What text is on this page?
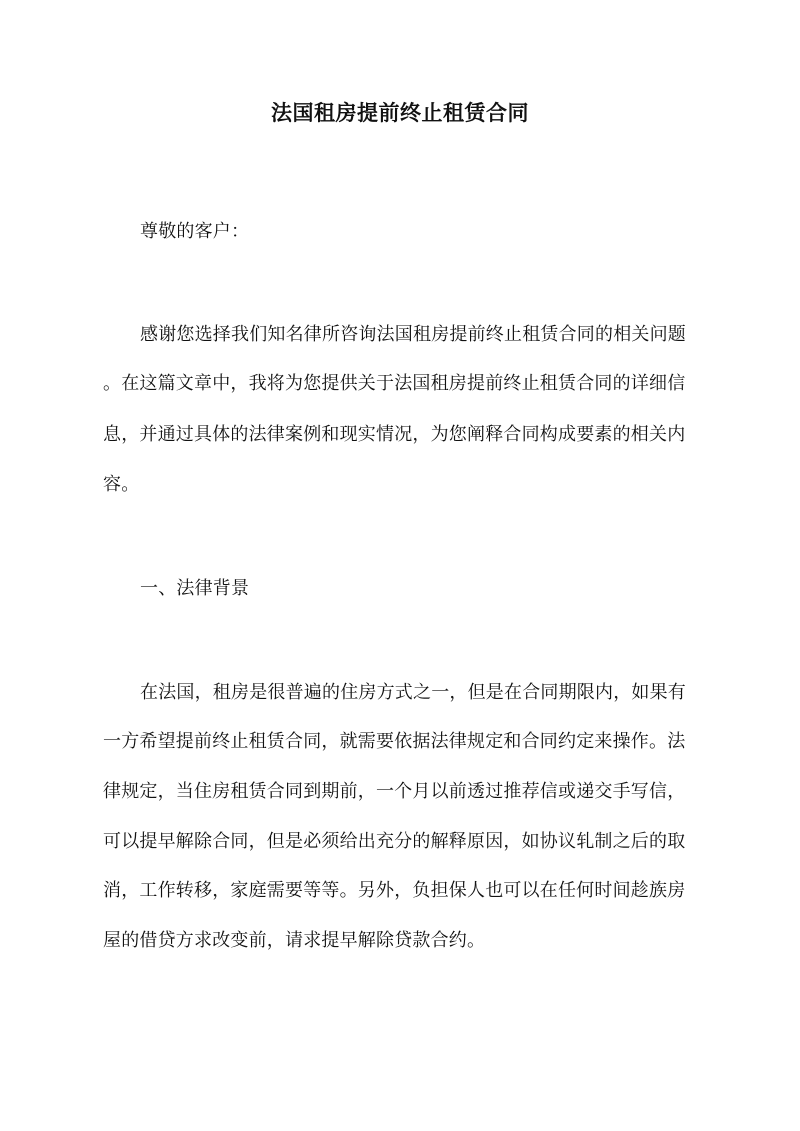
法国租房提前终止租赁合同
尊敬的客户：
感谢您选择我们知名律所咨询法国租房提前终止租赁合同的相关问题
。在这篇文章中，我将为您提供关于法国租房提前终止租赁合同的详细信
息，并通过具体的法律案例和现实情况，为您阐释合同构成要素的相关内
容。
一、法律背景
在法国，租房是很普遍的住房方式之一，但是在合同期限内，如果有
一方希望提前终止租赁合同，就需要依据法律规定和合同约定来操作。法
律规定，当住房租赁合同到期前，一个月以前透过推荐信或递交手写信，
可以提早解除合同，但是必须给出充分的解释原因，如协议轧制之后的取
消，工作转移，家庭需要等等。另外，负担保人也可以在任何时间趁族房
屋的借贷方求改变前，请求提早解除贷款合约。
